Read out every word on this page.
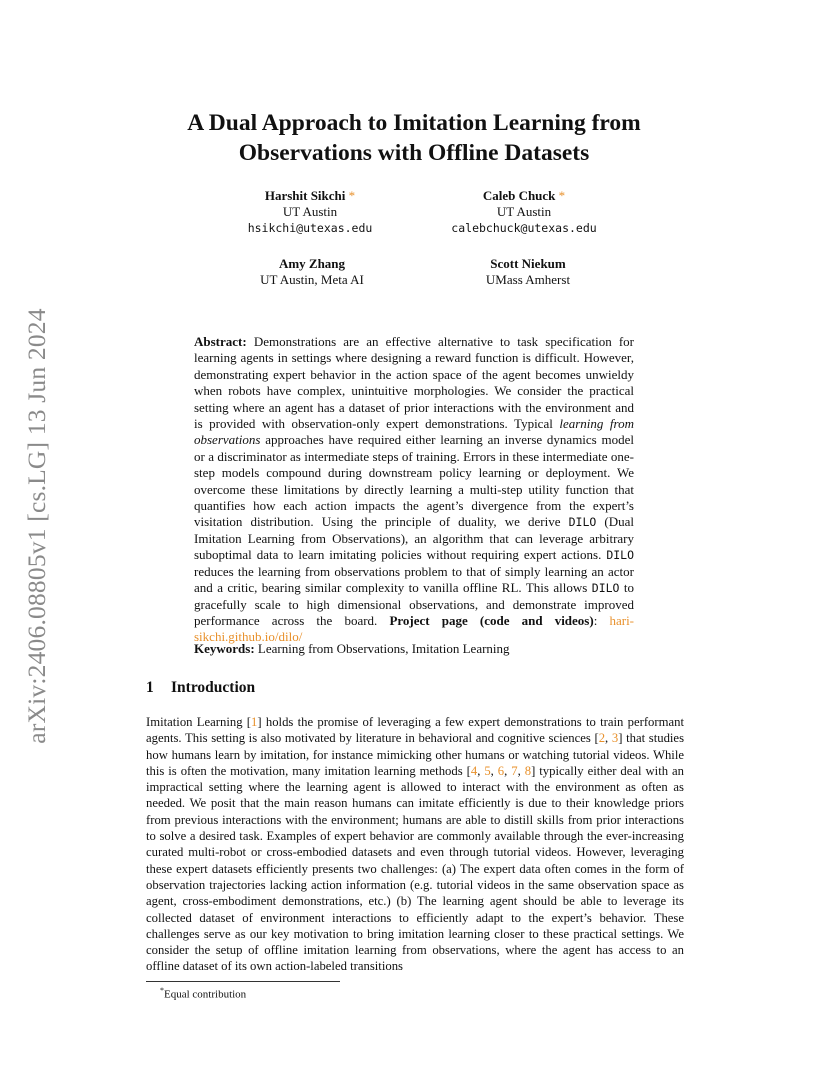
arXiv:2406.08805v1 [cs.LG] 13 Jun 2024
A Dual Approach to Imitation Learning from
Observations with Offline Datasets
Harshit Sikchi *
UT Austin
hsikchi@utexas.edu
Caleb Chuck *
UT Austin
calebchuck@utexas.edu
Amy Zhang
UT Austin, Meta AI
Scott Niekum
UMass Amherst

Abstract: Demonstrations are an effective alternative to task specification for learning agents in settings where designing a reward function is difficult. However, demonstrating expert behavior in the action space of the agent becomes unwieldy when robots have complex, unintuitive morphologies. We consider the practical setting where an agent has a dataset of prior interactions with the environment and is provided with observation-only expert demonstrations. Typical learning from observations approaches have required either learning an inverse dynamics model or a discriminator as intermediate steps of training. Errors in these intermediate one-step models compound during downstream policy learning or deployment. We overcome these limitations by directly learning a multi-step utility function that quantifies how each action impacts the agent’s divergence from the expert’s visitation distribution. Using the principle of duality, we derive DILO (Dual Imitation Learning from Observations), an algorithm that can leverage arbitrary suboptimal data to learn imitating policies without requiring expert actions. DILO reduces the learning from observations problem to that of simply learning an actor and a critic, bearing similar complexity to vanilla offline RL. This allows DILO to gracefully scale to high dimensional observations, and demonstrate improved performance across the board. Project page (code and videos): hari-sikchi.github.io/dilo/

Keywords: Learning from Observations, Imitation Learning
1 Introduction
Imitation Learning [1] holds the promise of leveraging a few expert demonstrations to train performant agents. This setting is also motivated by literature in behavioral and cognitive sciences [2, 3] that studies how humans learn by imitation, for instance mimicking other humans or watching tutorial videos. While this is often the motivation, many imitation learning methods [4, 5, 6, 7, 8] typically either deal with an impractical setting where the learning agent is allowed to interact with the environment as often as needed. We posit that the main reason humans can imitate efficiently is due to their knowledge priors from previous interactions with the environment; humans are able to distill skills from prior interactions to solve a desired task. Examples of expert behavior are commonly available through the ever-increasing curated multi-robot or cross-embodied datasets and even through tutorial videos. However, leveraging these expert datasets efficiently presents two challenges: (a) The expert data often comes in the form of observation trajectories lacking action information (e.g. tutorial videos in the same observation space as agent, cross-embodiment demonstrations, etc.) (b) The learning agent should be able to leverage its collected dataset of environment interactions to efficiently adapt to the expert’s behavior. These challenges serve as our key motivation to bring imitation learning closer to these practical settings. We consider the setup of offline imitation learning from observations, where the agent has access to an offline dataset of its own action-labeled transitions
*Equal contribution
